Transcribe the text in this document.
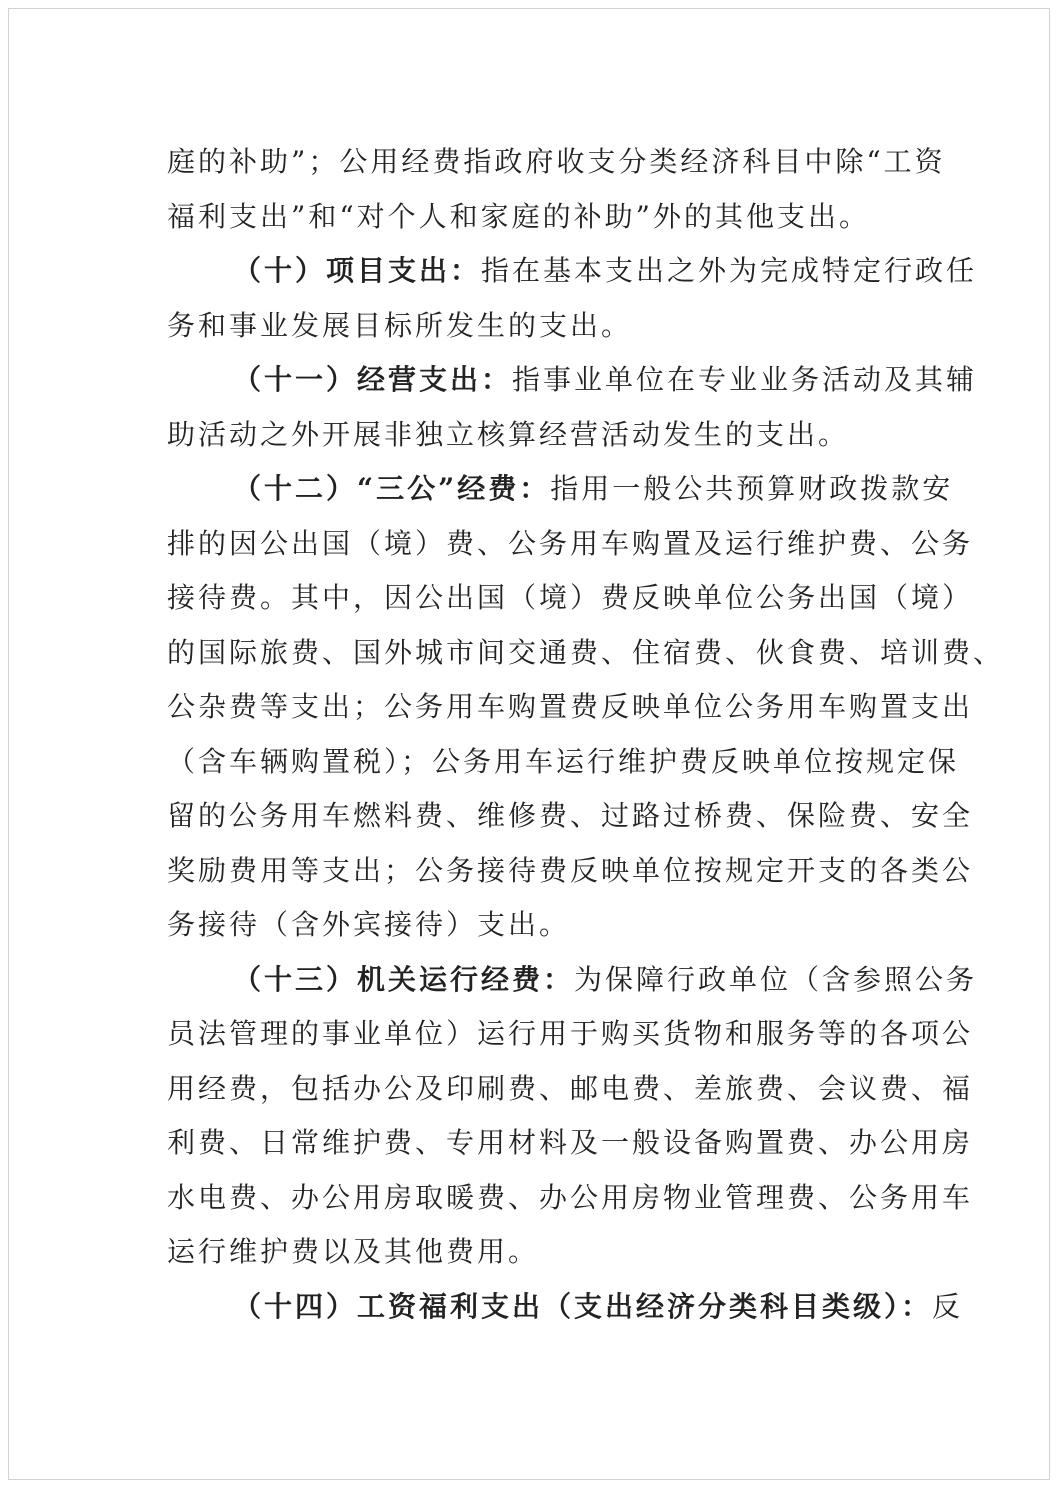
庭的补助”；公用经费指政府收支分类经济科目中除“工资
福利支出”和“对个人和家庭的补助”外的其他支出。
（十）项目支出：指在基本支出之外为完成特定行政任
务和事业发展目标所发生的支出。
（十一）经营支出：指事业单位在专业业务活动及其辅
助活动之外开展非独立核算经营活动发生的支出。
（十二）“三公”经费：指用一般公共预算财政拨款安
排的因公出国（境）费、公务用车购置及运行维护费、公务
接待费。其中，因公出国（境）费反映单位公务出国（境）
的国际旅费、国外城市间交通费、住宿费、伙食费、培训费、
公杂费等支出；公务用车购置费反映单位公务用车购置支出
（含车辆购置税）；公务用车运行维护费反映单位按规定保
留的公务用车燃料费、维修费、过路过桥费、保险费、安全
奖励费用等支出；公务接待费反映单位按规定开支的各类公
务接待（含外宾接待）支出。
（十三）机关运行经费：为保障行政单位（含参照公务
员法管理的事业单位）运行用于购买货物和服务等的各项公
用经费，包括办公及印刷费、邮电费、差旅费、会议费、福
利费、日常维护费、专用材料及一般设备购置费、办公用房
水电费、办公用房取暖费、办公用房物业管理费、公务用车
运行维护费以及其他费用。
（十四）工资福利支出（支出经济分类科目类级）：反
